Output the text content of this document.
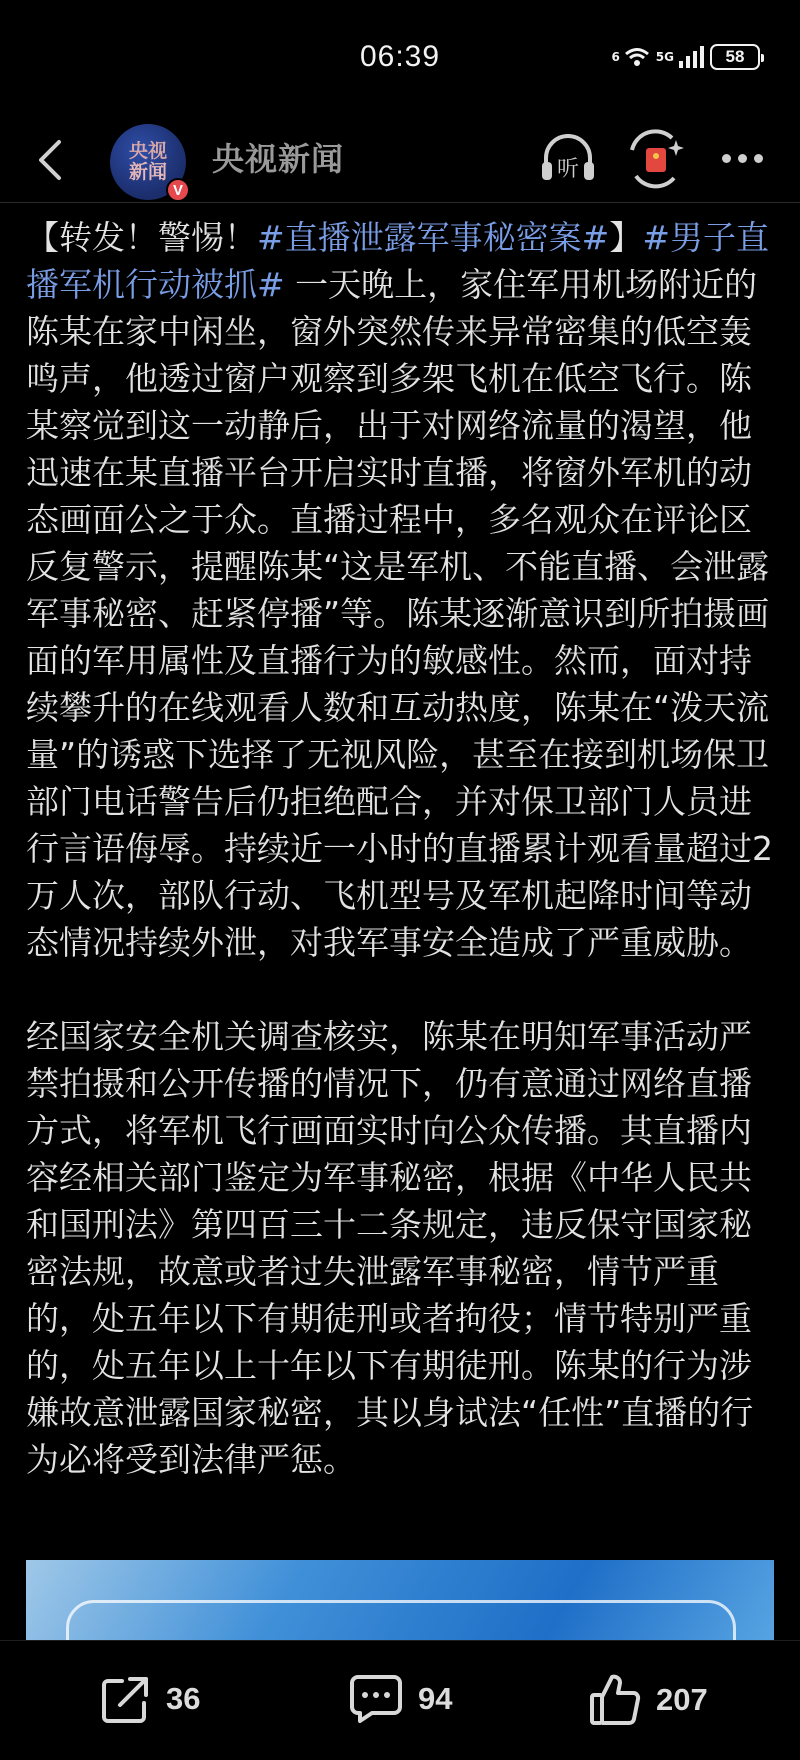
06:39	6	5G	58
央视
新闻
V
央视新闻	听

【转发！警惕！#直播泄露军事秘密案#】#男子直播军机行动被抓# 一天晚上，家住军用机场附近的陈某在家中闲坐，窗外突然传来异常密集的低空轰鸣声，他透过窗户观察到多架飞机在低空飞行。陈某察觉到这一动静后，出于对网络流量的渴望，他迅速在某直播平台开启实时直播，将窗外军机的动态画面公之于众。直播过程中，多名观众在评论区反复警示，提醒陈某“这是军机、不能直播、会泄露军事秘密、赶紧停播”等。陈某逐渐意识到所拍摄画面的军用属性及直播行为的敏感性。然而，面对持续攀升的在线观看人数和互动热度，陈某在“泼天流量”的诱惑下选择了无视风险，甚至在接到机场保卫部门电话警告后仍拒绝配合，并对保卫部门人员进行言语侮辱。持续近一小时的直播累计观看量超过2万人次，部队行动、飞机型号及军机起降时间等动态情况持续外泄，对我军事安全造成了严重威胁。

经国家安全机关调查核实，陈某在明知军事活动严禁拍摄和公开传播的情况下，仍有意通过网络直播方式，将军机飞行画面实时向公众传播。其直播内容经相关部门鉴定为军事秘密，根据《中华人民共和国刑法》第四百三十二条规定，违反保守国家秘密法规，故意或者过失泄露军事秘密，情节严重的，处五年以下有期徒刑或者拘役；情节特别严重的，处五年以上十年以下有期徒刑。陈某的行为涉嫌故意泄露国家秘密，其以身试法“任性”直播的行为必将受到法律严惩。

36	94	207
